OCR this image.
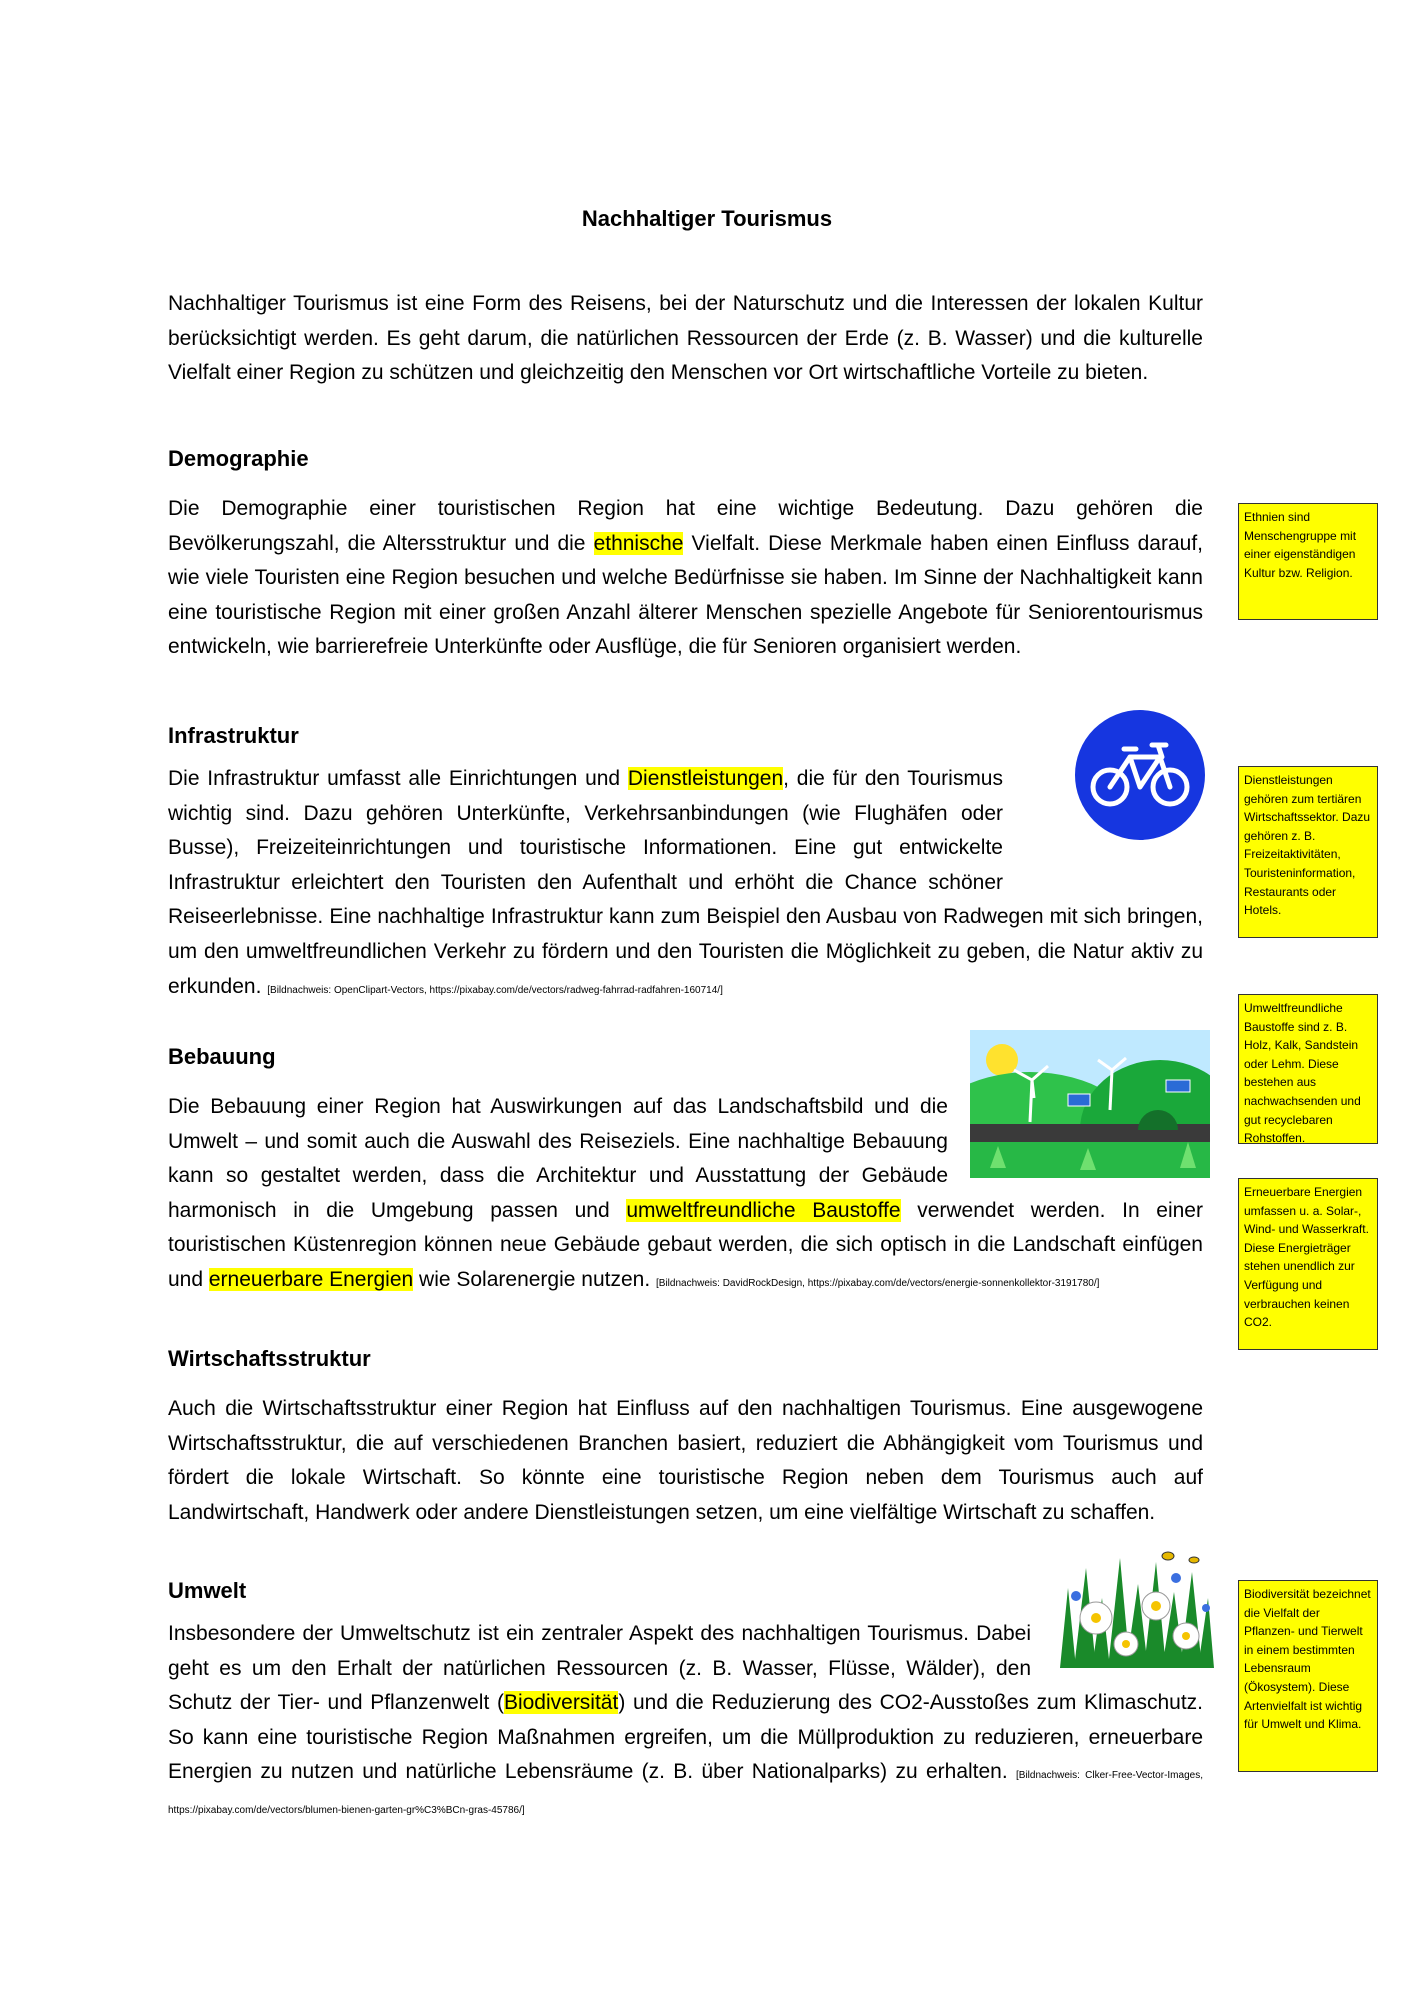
Nachhaltiger Tourismus

Nachhaltiger Tourismus ist eine Form des Reisens, bei der Naturschutz und die Interessen der lokalen Kultur berücksichtigt werden. Es geht darum, die natürlichen Ressourcen der Erde (z. B. Wasser) und die kulturelle Vielfalt einer Region zu schützen und gleichzeitig den Menschen vor Ort wirtschaftliche Vorteile zu bieten.

Demographie

Die Demographie einer touristischen Region hat eine wichtige Bedeutung. Dazu gehören die Bevölkerungszahl, die Altersstruktur und die ethnische Vielfalt. Diese Merkmale haben einen Einfluss darauf, wie viele Touristen eine Region besuchen und welche Bedürfnisse sie haben. Im Sinne der Nachhaltigkeit kann eine touristische Region mit einer großen Anzahl älterer Menschen spezielle Angebote für Seniorentourismus entwickeln, wie barrierefreie Unterkünfte oder Ausflüge, die für Senioren organisiert werden.

Infrastruktur

Die Infrastruktur umfasst alle Einrichtungen und Dienstleistungen, die für den Tourismus wichtig sind. Dazu gehören Unterkünfte, Verkehrsanbindungen (wie Flughäfen oder Busse), Freizeiteinrichtungen und touristische Informationen. Eine gut entwickelte Infrastruktur erleichtert den Touristen den Aufenthalt und erhöht die Chance schöner Reiseerlebnisse. Eine nachhaltige Infrastruktur kann zum Beispiel den Ausbau von Radwegen mit sich bringen, um den umweltfreundlichen Verkehr zu fördern und den Touristen die Möglichkeit zu geben, die Natur aktiv zu erkunden. [Bildnachweis: OpenClipart-Vectors, https://pixabay.com/de/vectors/radweg-fahrrad-radfahren-160714/]

Bebauung

Die Bebauung einer Region hat Auswirkungen auf das Landschaftsbild und die Umwelt – und somit auch die Auswahl des Reiseziels. Eine nachhaltige Bebauung kann so gestaltet werden, dass die Architektur und Ausstattung der Gebäude harmonisch in die Umgebung passen und umweltfreundliche Baustoffe verwendet werden. In einer touristischen Küstenregion können neue Gebäude gebaut werden, die sich optisch in die Landschaft einfügen und erneuerbare Energien wie Solarenergie nutzen. [Bildnachweis: DavidRockDesign, https://pixabay.com/de/vectors/energie-sonnenkollektor-3191780/]

Wirtschaftsstruktur

Auch die Wirtschaftsstruktur einer Region hat Einfluss auf den nachhaltigen Tourismus. Eine ausgewogene Wirtschaftsstruktur, die auf verschiedenen Branchen basiert, reduziert die Abhängigkeit vom Tourismus und fördert die lokale Wirtschaft. So könnte eine touristische Region neben dem Tourismus auch auf Landwirtschaft, Handwerk oder andere Dienstleistungen setzen, um eine vielfältige Wirtschaft zu schaffen.

Umwelt

Insbesondere der Umweltschutz ist ein zentraler Aspekt des nachhaltigen Tourismus. Dabei geht es um den Erhalt der natürlichen Ressourcen (z. B. Wasser, Flüsse, Wälder), den Schutz der Tier- und Pflanzenwelt (Biodiversität) und die Reduzierung des CO2-Ausstoßes zum Klimaschutz. So kann eine touristische Region Maßnahmen ergreifen, um die Müllproduktion zu reduzieren, erneuerbare Energien zu nutzen und natürliche Lebensräume (z. B. über Nationalparks) zu erhalten. [Bildnachweis: Clker-Free-Vector-Images, https://pixabay.com/de/vectors/blumen-bienen-garten-gr%C3%BCn-gras-45786/]

Ethnien sind Menschengruppe mit einer eigenständigen Kultur bzw. Religion.
Dienstleistungen gehören zum tertiären Wirtschaftssektor. Dazu gehören z. B. Freizeitaktivitäten, Touristeninformation, Restaurants oder Hotels.
Umweltfreundliche Baustoffe sind z. B. Holz, Kalk, Sandstein oder Lehm. Diese bestehen aus nachwachsenden und gut recyclebaren Rohstoffen.
Erneuerbare Energien umfassen u. a. Solar-, Wind- und Wasserkraft. Diese Energieträger stehen unendlich zur Verfügung und verbrauchen keinen CO2.
Biodiversität bezeichnet die Vielfalt der Pflanzen- und Tierwelt in einem bestimmten Lebensraum (Ökosystem). Diese Artenvielfalt ist wichtig für Umwelt und Klima.
